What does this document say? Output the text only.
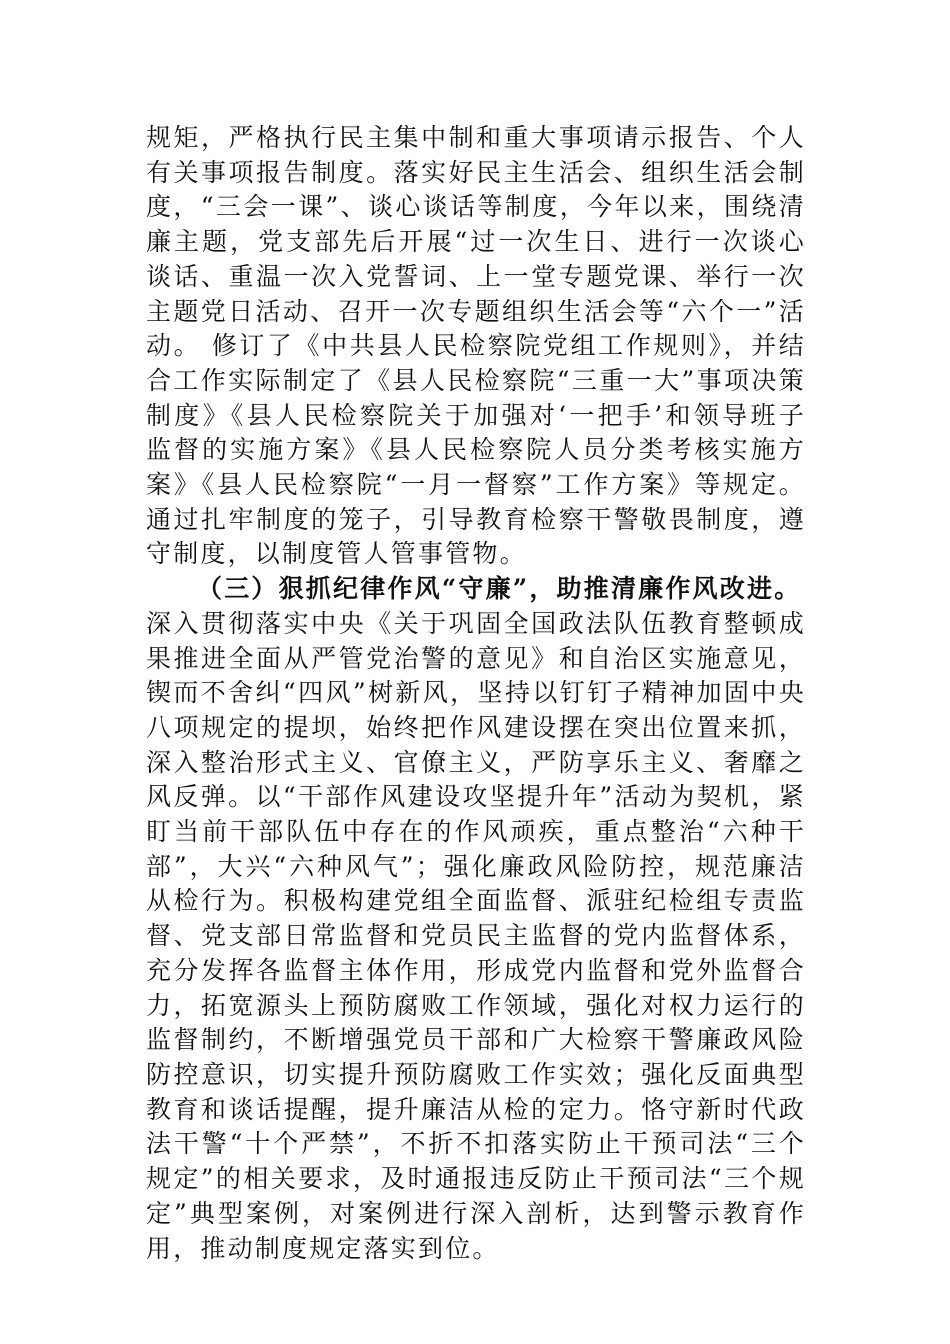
规矩，严格执行民主集中制和重大事项请示报告、个人有关事项报告制度。落实好民主生活会、组织生活会制度，“三会一课”、谈心谈话等制度，今年以来，围绕清廉主题，党支部先后开展“过一次生日、进行一次谈心谈话、重温一次入党誓词、上一堂专题党课、举行一次主题党日活动、召开一次专题组织生活会等“六个一”活动。 修订了《中共县人民检察院党组工作规则》，并结合工作实际制定了《县人民检察院“三重一大”事项决策制度》《县人民检察院关于加强对‘一把手’和领导班子监督的实施方案》《县人民检察院人员分类考核实施方案》《县人民检察院“一月一督察”工作方案》等规定。通过扎牢制度的笼子，引导教育检察干警敬畏制度，遵守制度，以制度管人管事管物。

（三）狠抓纪律作风“守廉”，助推清廉作风改进。

深入贯彻落实中央《关于巩固全国政法队伍教育整顿成果推进全面从严管党治警的意见》和自治区实施意见，锲而不舍纠“四风”树新风，坚持以钉钉子精神加固中央八项规定的提坝，始终把作风建设摆在突出位置来抓，深入整治形式主义、官僚主义，严防享乐主义、奢靡之风反弹。以“干部作风建设攻坚提升年”活动为契机，紧盯当前干部队伍中存在的作风顽疾，重点整治“六种干部”，大兴“六种风气”；强化廉政风险防控，规范廉洁从检行为。积极构建党组全面监督、派驻纪检组专责监督、党支部日常监督和党员民主监督的党内监督体系，充分发挥各监督主体作用，形成党内监督和党外监督合力，拓宽源头上预防腐败工作领域，强化对权力运行的监督制约，不断增强党员干部和广大检察干警廉政风险防控意识，切实提升预防腐败工作实效；强化反面典型教育和谈话提醒，提升廉洁从检的定力。恪守新时代政法干警“十个严禁”，不折不扣落实防止干预司法“三个规定”的相关要求，及时通报违反防止干预司法“三个规定”典型案例，对案例进行深入剖析，达到警示教育作用，推动制度规定落实到位。
